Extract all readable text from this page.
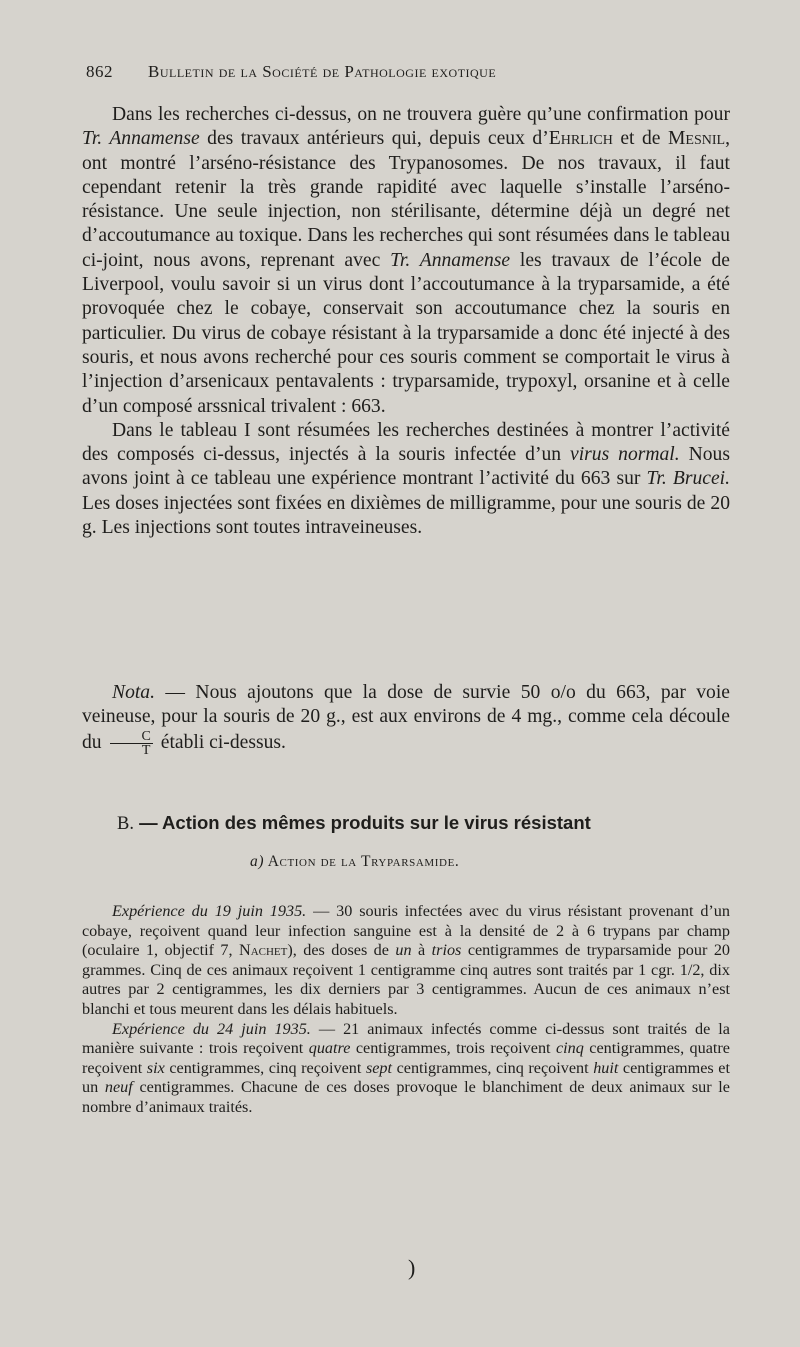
862 Bulletin de la Société de Pathologie exotique

Dans les recherches ci-dessus, on ne trouvera guère qu’une confirmation pour Tr. Annamense des travaux antérieurs qui, depuis ceux d’Ehrlich et de Mesnil, ont montré l’arséno-résistance des Trypanosomes. De nos travaux, il faut cependant retenir la très grande rapidité avec laquelle s’installe l’arséno-résistance. Une seule injection, non stérilisante, détermine déjà un degré net d’accoutumance au toxique. Dans les recherches qui sont résumées dans le tableau ci-joint, nous avons, reprenant avec Tr. Annamense les travaux de l’école de Liverpool, voulu savoir si un virus dont l’accoutumance à la tryparsamide, a été provoquée chez le cobaye, conservait son accoutumance chez la souris en particulier. Du virus de cobaye résistant à la tryparsamide a donc été injecté à des souris, et nous avons recherché pour ces souris comment se comportait le virus à l’injection d’arsenicaux pentavalents : tryparsamide, trypoxyl, orsanine et à celle d’un composé arssnical trivalent : 663.

Dans le tableau I sont résumées les recherches destinées à montrer l’activité des composés ci-dessus, injectés à la souris infectée d’un virus normal. Nous avons joint à ce tableau une expérience montrant l’activité du 663 sur Tr. Brucei. Les doses injectées sont fixées en dixièmes de milligramme, pour une souris de 20 g. Les injections sont toutes intraveineuses.

Nota. — Nous ajoutons que la dose de survie 50 o/o du 663, par voie veineuse, pour la souris de 20 g., est aux environs de 4 mg., comme cela découle du $\frac{C}{T}$ établi ci-dessus.

B. — Action des mêmes produits sur le virus résistant
a) Action de la Tryparsamide.

Expérience du 19 juin 1935. — 30 souris infectées avec du virus résistant provenant d’un cobaye, reçoivent quand leur infection sanguine est à la densité de 2 à 6 trypans par champ (oculaire 1, objectif 7, Nachet), des doses de un à trios centigrammes de tryparsamide pour 20 grammes. Cinq de ces animaux reçoivent 1 centigramme cinq autres sont traités par 1 cgr. 1/2, dix autres par 2 centigrammes, les dix derniers par 3 centigrammes. Aucun de ces animaux n’est blanchi et tous meurent dans les délais habituels.

Expérience du 24 juin 1935. — 21 animaux infectés comme ci-dessus sont traités de la manière suivante : trois reçoivent quatre centigrammes, trois reçoivent cinq centigrammes, quatre reçoivent six centigrammes, cinq reçoivent sept centigrammes, cinq reçoivent huit centigrammes et un neuf centigrammes. Chacune de ces doses provoque le blanchiment de deux animaux sur le nombre d’animaux traités.

)
